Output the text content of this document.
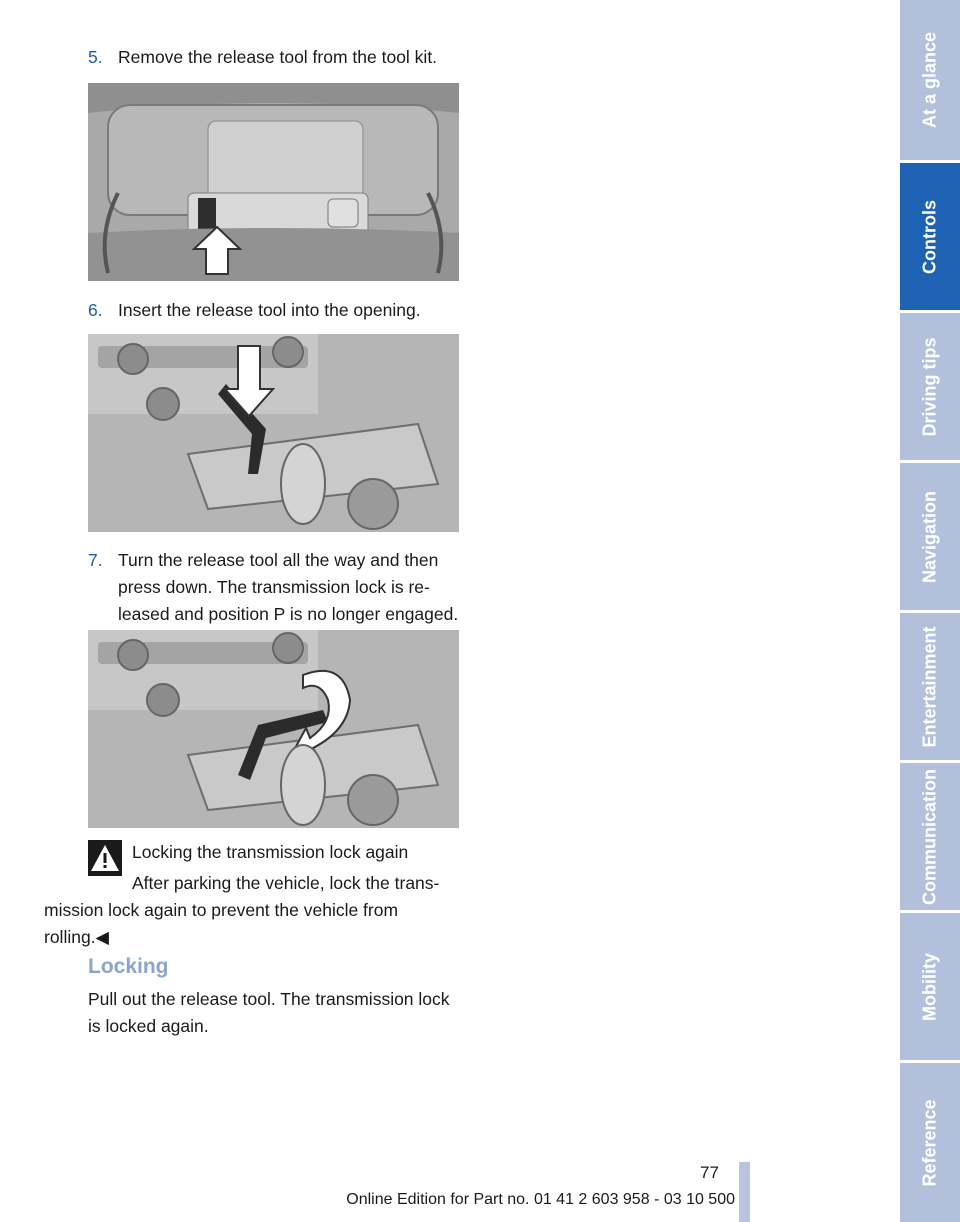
5. Remove the release tool from the tool kit.
6. Insert the release tool into the opening.
7. Turn the release tool all the way and then
press down. The transmission lock is re-
leased and position P is no longer engaged.
Locking the transmission lock again
After parking the vehicle, lock the trans-
mission lock again to prevent the vehicle from
rolling.◀
Locking
Pull out the release tool. The transmission lock
is locked again.
77
Online Edition for Part no. 01 41 2 603 958 - 03 10 500
At a glance
Controls
Driving tips
Navigation
Entertainment
Communication
Mobility
Reference
